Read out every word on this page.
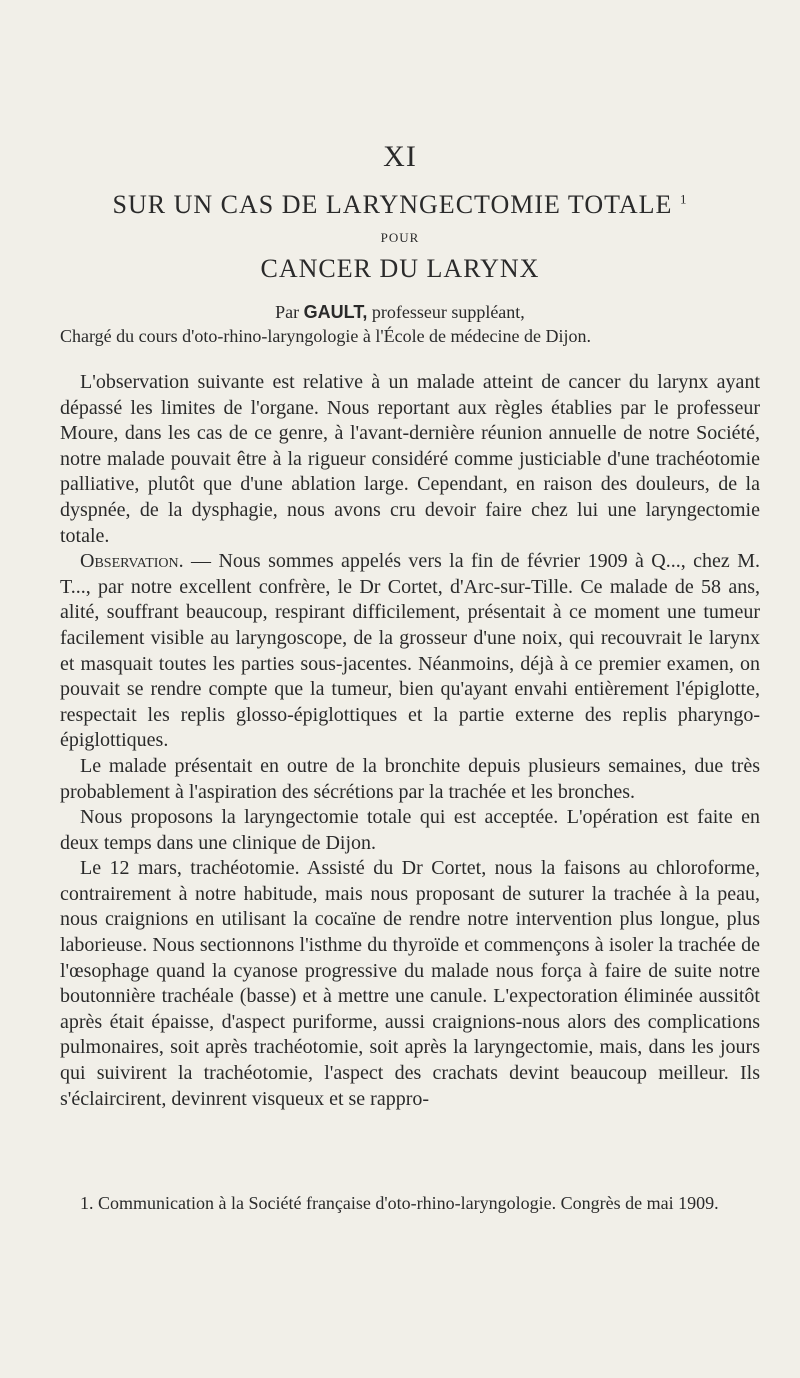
XI
SUR UN CAS DE LARYNGECTOMIE TOTALE $^1$
POUR
CANCER DU LARYNX
Par GAULT, professeur suppléant,
Chargé du cours d'oto-rhino-laryngologie à l'École de médecine de Dijon.

L'observation suivante est relative à un malade atteint de cancer du larynx ayant dépassé les limites de l'organe. Nous reportant aux règles établies par le professeur Moure, dans les cas de ce genre, à l'avant-dernière réunion annuelle de notre Société, notre malade pouvait être à la rigueur considéré comme justiciable d'une trachéotomie palliative, plutôt que d'une ablation large. Cependant, en raison des douleurs, de la dyspnée, de la dysphagie, nous avons cru devoir faire chez lui une laryngectomie totale.

Observation. — Nous sommes appelés vers la fin de février 1909 à Q..., chez M. T..., par notre excellent confrère, le Dr Cortet, d'Arc-sur-Tille. Ce malade de 58 ans, alité, souffrant beaucoup, respirant difficilement, présentait à ce moment une tumeur facilement visible au laryngoscope, de la grosseur d'une noix, qui recouvrait le larynx et masquait toutes les parties sous-jacentes. Néanmoins, déjà à ce premier examen, on pouvait se rendre compte que la tumeur, bien qu'ayant envahi entièrement l'épiglotte, respectait les replis glosso-épiglottiques et la partie externe des replis pharyngo-épiglottiques.

Le malade présentait en outre de la bronchite depuis plusieurs semaines, due très probablement à l'aspiration des sécrétions par la trachée et les bronches.

Nous proposons la laryngectomie totale qui est acceptée. L'opération est faite en deux temps dans une clinique de Dijon.

Le 12 mars, trachéotomie. Assisté du Dr Cortet, nous la faisons au chloroforme, contrairement à notre habitude, mais nous proposant de suturer la trachée à la peau, nous craignions en utilisant la cocaïne de rendre notre intervention plus longue, plus laborieuse. Nous sectionnons l'isthme du thyroïde et commençons à isoler la trachée de l'œsophage quand la cyanose progressive du malade nous força à faire de suite notre boutonnière trachéale (basse) et à mettre une canule. L'expectoration éliminée aussitôt après était épaisse, d'aspect puriforme, aussi craignions-nous alors des complications pulmonaires, soit après trachéotomie, soit après la laryngectomie, mais, dans les jours qui suivirent la trachéotomie, l'aspect des crachats devint beaucoup meilleur. Ils s'éclaircirent, devinrent visqueux et se rappro-

1. Communication à la Société française d'oto-rhino-laryngologie. Congrès de mai 1909.
